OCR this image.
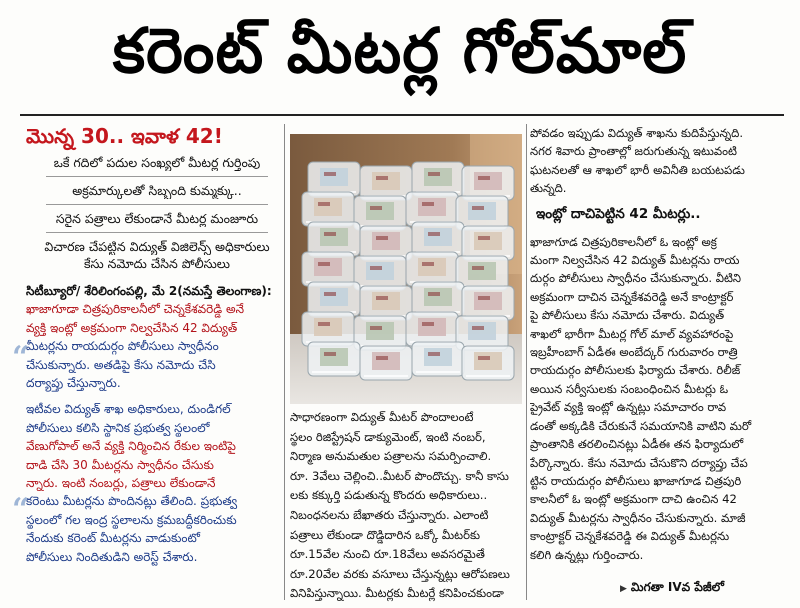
కరెంట్ మీటర్ల గోల్‌మాల్
మొన్న 30.. ఇవాళ 42!
ఒకే గదిలో పదుల సంఖ్యలో మీటర్ల గుర్తింపు
అక్రమార్కులతో సిబ్బంది కుమ్మక్కు..
సరైన పత్రాలు లేకుండానే మీటర్ల మంజూరు
విచారణ చేపట్టిన విద్యుత్ విజిలెన్స్ అధికారులు
కేసు నమోదు చేసిన పోలీసులు
సిటీబ్యూరో/ శేరిలింగంపల్లి, మే 2(నమస్తే తెలంగాణ):
ఖాజాగూడా చిత్రపురికాలనీలో చెన్నకేశవరెడ్డి అనే
వ్యక్తి ఇంట్లో అక్రమంగా నిల్వచేసిన 42 విద్యుత్
మీటర్లను రాయదుర్గం పోలీసులు స్వాధీనం
చేసుకున్నారు. అతడిపై కేసు నమోదు చేసి
దర్యాప్తు చేస్తున్నారు.
ఇటీవల విద్యుత్ శాఖ అధికారులు, దుండిగల్
పోలీసులు కలిసి స్థానిక ప్రభుత్వ స్థలంలో
వేణుగోపాల్ అనే వ్యక్తి నిర్మించిన రేకుల ఇంటిపై
దాడి చేసి 30 మీటర్లను స్వాధీనం చేసుకు
న్నారు. ఇంటి నంబర్లు, పత్రాలు లేకుండానే
కరెంటు మీటర్లను పొందినట్లు తేలింది. ప్రభుత్వ
స్థలంలో గల ఇంద్ర స్థలాలను క్రమబద్ధీకరించుకు
నేందుకు కరెంట్ మీటర్లను వాడుకుంటో
పోలీసులు నిందితుడిని అరెస్ట్ చేశారు.
“
“
సాధారణంగా విద్యుత్ మీటర్ పొందాలంటే
స్థలం రిజిస్ట్రేషన్ డాక్యుమెంట్, ఇంటి నంబర్,
నిర్మాణ అనుమతుల పత్రాలను సమర్పించాలి.
రూ. 3వేలు చెల్లించి..మీటర్ పొందొచ్చు. కానీ కాసు
లకు కక్కుర్తి పడుతున్న కొందరు అధికారులు..
నిబంధనలను బేఖాతరు చేస్తున్నారు. ఎలాంటి
పత్రాలు లేకుండా దొడ్డిదారిన ఒక్కో మీటర్‌కు
రూ.15వేల నుంచి రూ.18వేలు అవసరమైతే
రూ.20వేల వరకు వసూలు చేస్తున్నట్లు ఆరోపణలు
వినిపిస్తున్నాయి. మీటర్లకు మీటర్లే కనిపించకుండా
పోవడం ఇప్పుడు విద్యుత్ శాఖను కుదిపేస్తున్నది.
నగర శివారు ప్రాంతాల్లో జరుగుతున్న ఇటువంటి
ఘటనలతో ఆ శాఖలో భారీ అవినీతి బయటపడు
తున్నది.
ఇంట్లో దాచిపెట్టిన 42 మీటర్లు..
ఖాజాగూడ చిత్రపురికాలనీలో ఓ ఇంట్లో అక్ర
మంగా నిల్వచేసిన 42 విద్యుత్ మీటర్లను రాయ
దుర్గం పోలీసులు స్వాధీనం చేసుకున్నారు. వీటిని
అక్రమంగా దాచిన చెన్నకేశవరెడ్డి అనే కాంట్రాక్టర్
పై పోలీసులు కేసు నమోదు చేశారు. విద్యుత్
శాఖలో భారీగా మీటర్ల గోల్ మాల్ వ్యవహారంపై
ఇబ్రహీంబాగ్ ఏడీఈ అంబేద్కర్ గురువారం రాత్రి
రాయదుర్గం పోలీసులకు ఫిర్యాదు చేశారు. రిలీజ్
అయిన సర్వీసులకు సంబంధించిన మీటర్లు ఓ
ప్రైవేట్ వ్యక్తి ఇంట్లో ఉన్నట్లు సమాచారం రావ
డంతో అక్కడికి చేరుకునే సమయానికి వాటిని మరో
ప్రాంతానికి తరలించినట్లు ఏడీఈ తన ఫిర్యాదులో
పేర్కొన్నారు. కేసు నమోదు చేసుకొని దర్యాప్తు చేప
ట్టిన రాయదుర్గం పోలీసులు ఖాజాగూడ చిత్రపురి
కాలనీలో ఓ ఇంట్లో అక్రమంగా దాచి ఉంచిన 42
విద్యుత్ మీటర్లను స్వాధీనం చేసుకున్నారు. మాజీ
కాంట్రాక్టర్ చెన్నకేశవరెడ్డి ఈ విద్యుత్ మీటర్లను
కలిగి ఉన్నట్లు గుర్తించారు.
▶ మిగతా IVవ పేజీలో
